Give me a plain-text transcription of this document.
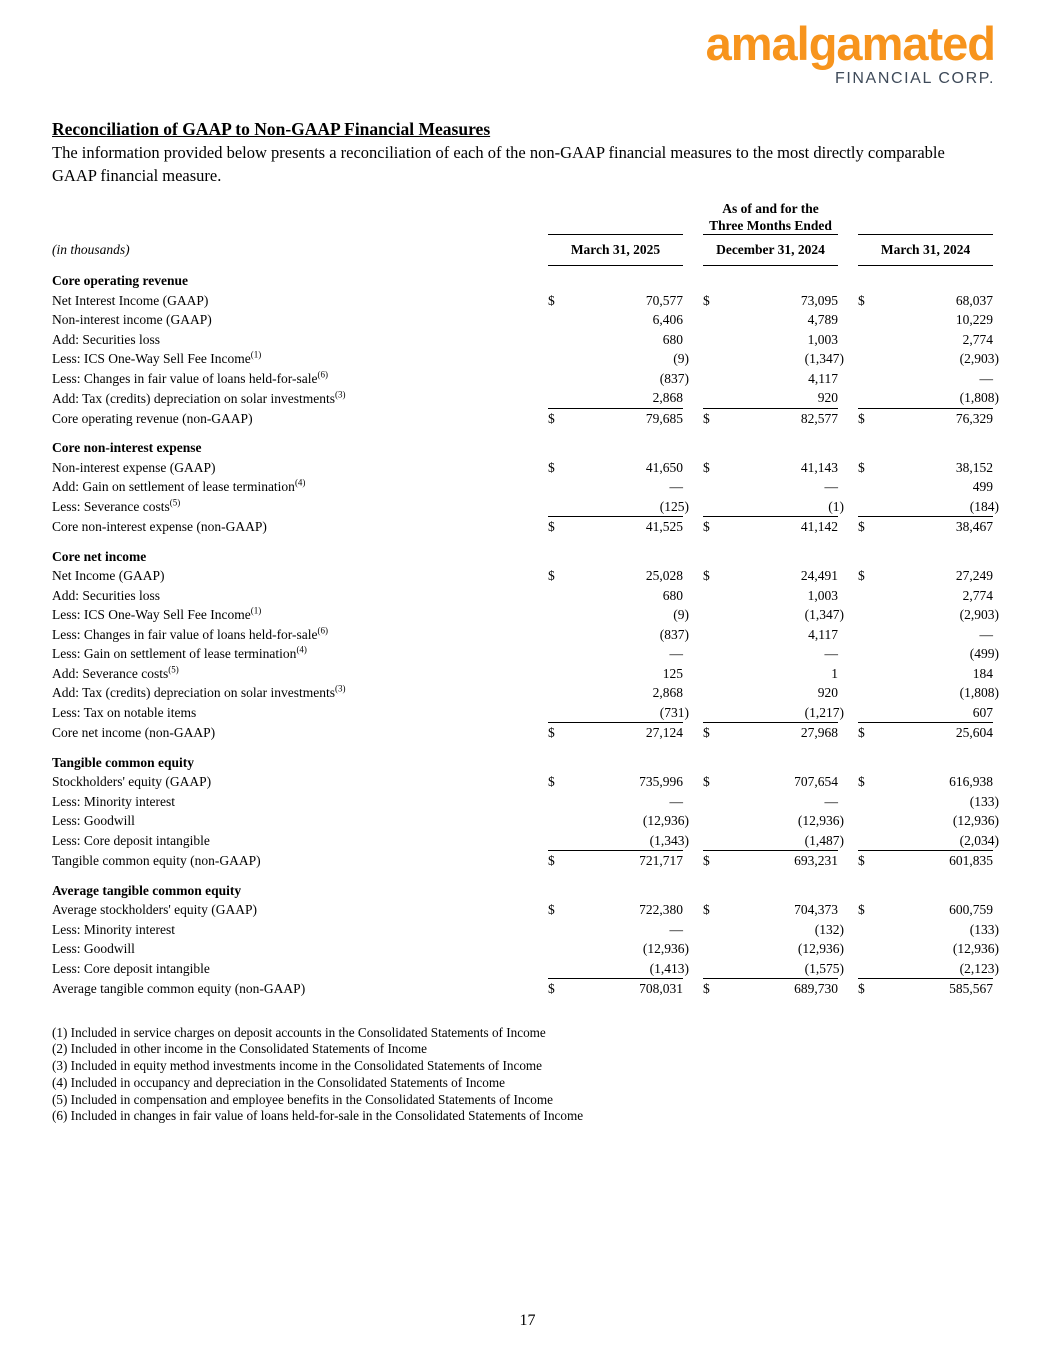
amalgamated
FINANCIAL CORP.
Reconciliation of GAAP to Non-GAAP Financial Measures
The information provided below presents a reconciliation of each of the non-GAAP financial measures to the most directly comparable GAAP financial measure.
				As of and for the				
				Three Months Ended				
(in thousands)	March 31, 2025			December 31, 2024			March 31, 2024	
Core operating revenue								
Net Interest Income (GAAP)	$	70,577		$	73,095		$	68,037
Non-interest income (GAAP)		6,406			4,789			10,229
Add: Securities loss		680			1,003			2,774
Less: ICS One-Way Sell Fee Income$^{(1)}$		(9)			(1,347)			(2,903)
Less: Changes in fair value of loans held-for-sale$^{(6)}$		(837)			4,117			—
Add: Tax (credits) depreciation on solar investments$^{(3)}$		2,868			920			(1,808)
Core operating revenue (non-GAAP)	$	79,685		$	82,577		$	76,329

Core non-interest expense								
Non-interest expense (GAAP)	$	41,650		$	41,143		$	38,152
Add: Gain on settlement of lease termination$^{(4)}$		—			—			499
Less: Severance costs$^{(5)}$		(125)			(1)			(184)
Core non-interest expense (non-GAAP)	$	41,525		$	41,142		$	38,467

Core net income								
Net Income (GAAP)	$	25,028		$	24,491		$	27,249
Add: Securities loss		680			1,003			2,774
Less: ICS One-Way Sell Fee Income$^{(1)}$		(9)			(1,347)			(2,903)
Less: Changes in fair value of loans held-for-sale$^{(6)}$		(837)			4,117			—
Less: Gain on settlement of lease termination$^{(4)}$		—			—			(499)
Add: Severance costs$^{(5)}$		125			1			184
Add: Tax (credits) depreciation on solar investments$^{(3)}$		2,868			920			(1,808)
Less: Tax on notable items		(731)			(1,217)			607
Core net income (non-GAAP)	$	27,124		$	27,968		$	25,604

Tangible common equity								
Stockholders' equity (GAAP)	$	735,996		$	707,654		$	616,938
Less: Minority interest		—			—			(133)
Less: Goodwill		(12,936)			(12,936)			(12,936)
Less: Core deposit intangible		(1,343)			(1,487)			(2,034)
Tangible common equity (non-GAAP)	$	721,717		$	693,231		$	601,835

Average tangible common equity								
Average stockholders' equity (GAAP)	$	722,380		$	704,373		$	600,759
Less: Minority interest		—			(132)			(133)
Less: Goodwill		(12,936)			(12,936)			(12,936)
Less: Core deposit intangible		(1,413)			(1,575)			(2,123)
Average tangible common equity (non-GAAP)	$	708,031		$	689,730		$	585,567
(1) Included in service charges on deposit accounts in the Consolidated Statements of Income
(2) Included in other income in the Consolidated Statements of Income
(3) Included in equity method investments income in the Consolidated Statements of Income
(4) Included in occupancy and depreciation in the Consolidated Statements of Income
(5) Included in compensation and employee benefits in the Consolidated Statements of Income
(6) Included in changes in fair value of loans held-for-sale in the Consolidated Statements of Income
17
